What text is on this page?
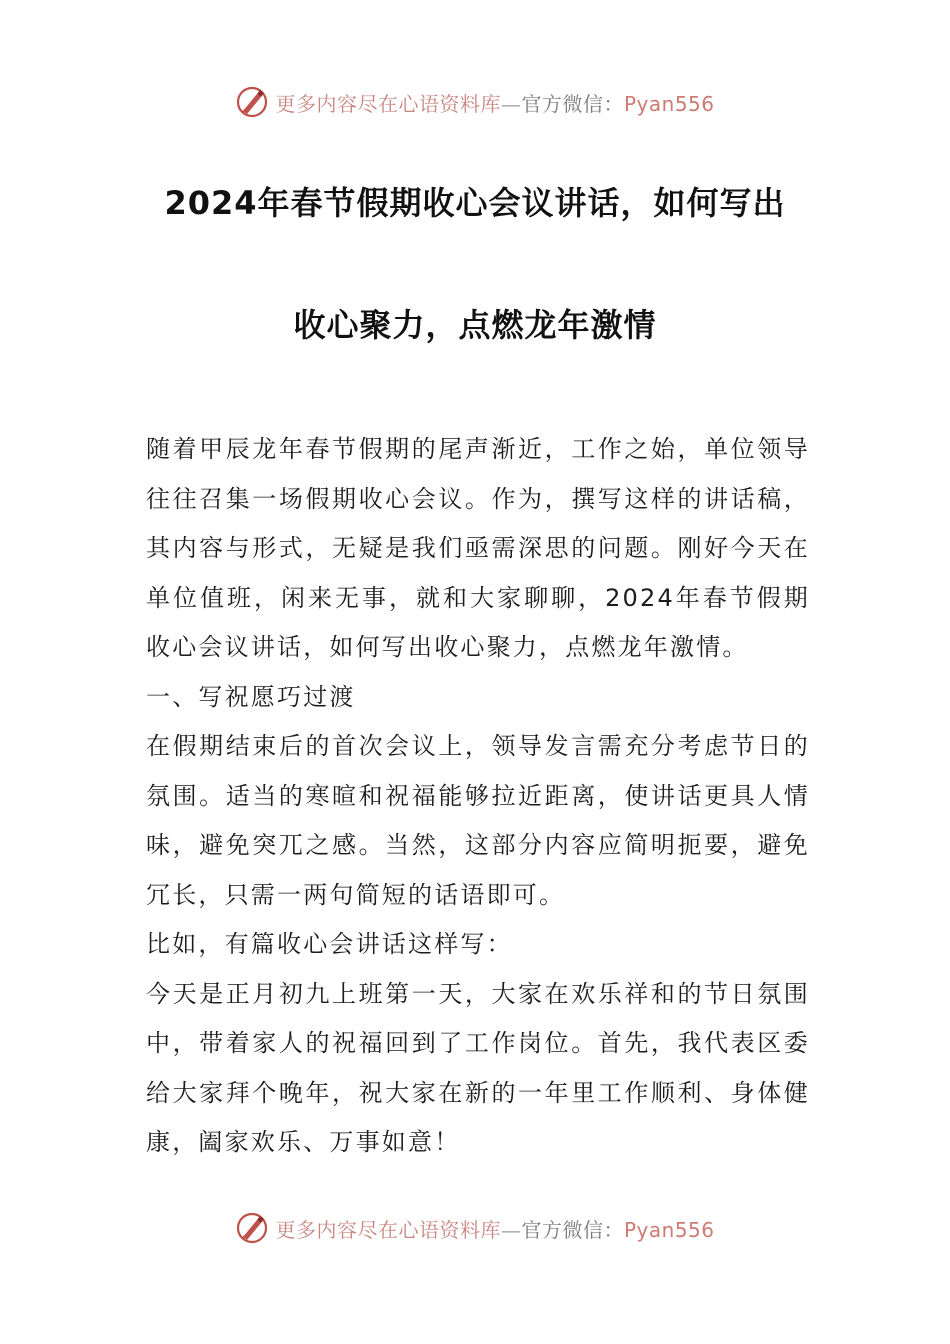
更多内容尽在心语资料库—官方微信：Pyan556
2024年春节假期收心会议讲话，如何写出
收心聚力，点燃龙年激情

随着甲辰龙年春节假期的尾声渐近，工作之始，单位领导往往召集一场假期收心会议。作为，撰写这样的讲话稿，其内容与形式，无疑是我们亟需深思的问题。刚好今天在单位值班，闲来无事，就和大家聊聊，2024年春节假期收心会议讲话，如何写出收心聚力，点燃龙年激情。

一、写祝愿巧过渡

在假期结束后的首次会议上，领导发言需充分考虑节日的氛围。适当的寒暄和祝福能够拉近距离，使讲话更具人情味，避免突兀之感。当然，这部分内容应简明扼要，避免冗长，只需一两句简短的话语即可。

比如，有篇收心会讲话这样写：

今天是正月初九上班第一天，大家在欢乐祥和的节日氛围中，带着家人的祝福回到了工作岗位。首先，我代表区委给大家拜个晚年，祝大家在新的一年里工作顺利、身体健康，阖家欢乐、万事如意！

更多内容尽在心语资料库—官方微信：Pyan556
